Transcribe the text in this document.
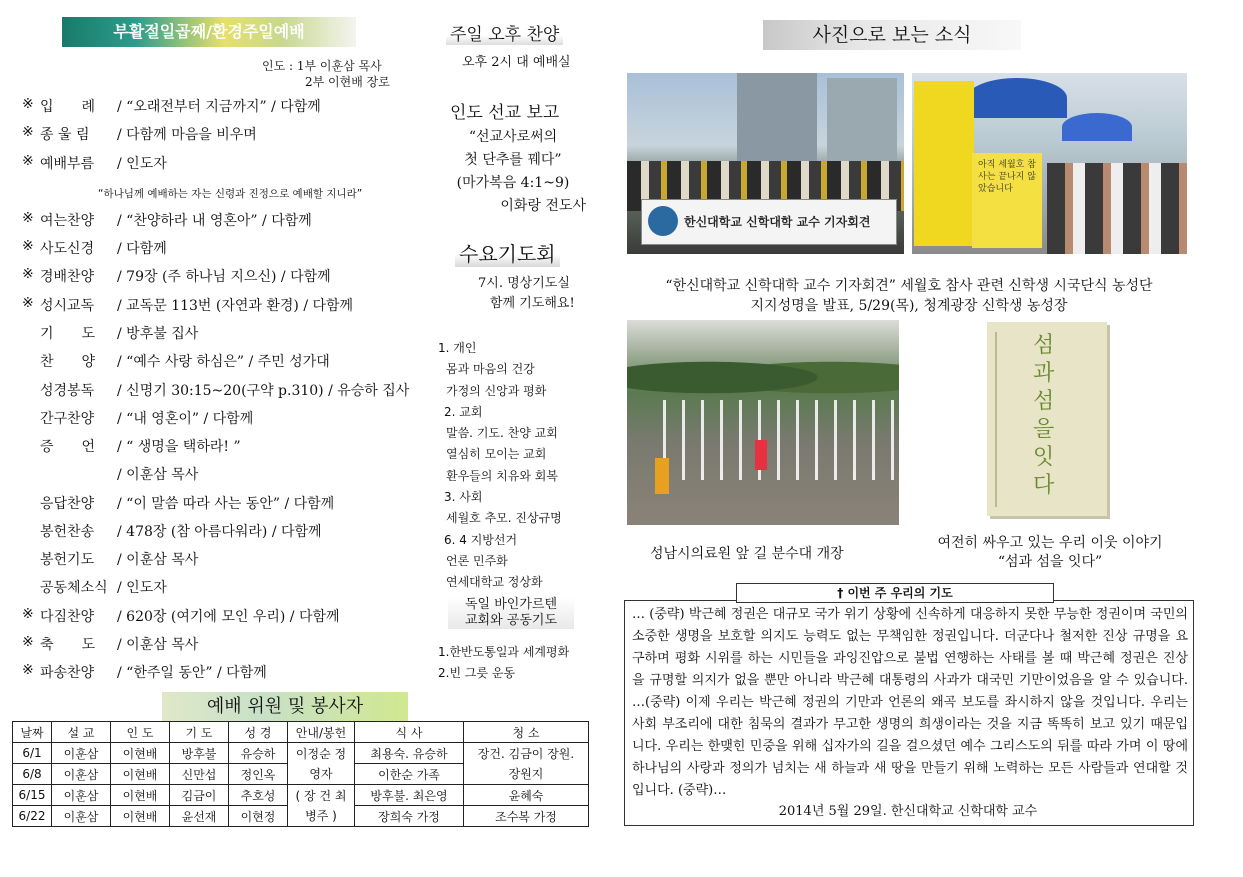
부활절일곱째/환경주일예배
인도 : 1부 이훈삼 목사
2부 이현배 장로
※ 입　　례 / “오래전부터 지금까지” / 다함께
※ 종 울 림 / 다함께 마음을 비우며
※ 예배부름 / 인도자
※ 여는찬양 / “찬양하라 내 영혼아” / 다함께
※ 사도신경 / 다함께
※ 경배찬양 / 79장 (주 하나님 지으신) / 다함께
※ 성시교독 / 교독문 113번 (자연과 환경) / 다함께
기　　도 / 방후불 집사
찬　　양 / “예수 사랑 하심은” / 주민 성가대
성경봉독 / 신명기 30:15~20(구약 p.310) / 유승하 집사
간구찬양 / “내 영혼이” / 다함께
증　　언 / “ 생명을 택하라! ”
/ 이훈삼 목사
응답찬양 / “이 말씀 따라 사는 동안” / 다함께
봉헌찬송 / 478장 (참 아름다워라) / 다함께
봉헌기도 / 이훈삼 목사
공동체소식 / 인도자
※ 다짐찬양 / 620장 (여기에 모인 우리) / 다함께
※ 축　　도 / 이훈삼 목사
※ 파송찬양 / “한주일 동안” / 다함께
“하나님께 예배하는 자는 신령과 진정으로 예배할 지니라”
예배 위원 및 봉사자
날짜	설 교	인 도	기 도	성 경	안내/봉헌	식 사	청 소
6/1	이훈삼	이현배	방후불	유승하	이정순 정영자	최용숙. 유승하	장건. 김금이 장원. 장원지
6/8	이훈삼	이현배	신만섭	정인옥		이한순 가족	
6/15	이훈삼	이현배	김금이	추호성	( 장 건 최병주 )	방후불. 최은영	윤혜숙
6/22	이훈삼	이현배	윤선재	이현정		장희숙 가정	조수복 가정
주일 오후 찬양
오후 2시 대 예배실
인도 선교 보고
“선교사로써의
첫 단추를 꿰다”
(마가복음 4:1~9)
이화랑 전도사
수요기도회
7시. 명상기도실
함께 기도해요!
1. 개인
몸과 마음의 건강
가정의 신앙과 평화
2. 교회
말씀. 기도. 찬양 교회
열심히 모이는 교회
환우들의 치유와 회복
3. 사회
세월호 추모. 진상규명
6. 4 지방선거
언론 민주화
연세대학교 정상화
독일 바인가르텐
교회와 공동기도
1.한반도통일과 세계평화
2.빈 그릇 운동
사진으로 보는 소식
한신대학교 신학대학 교수 기자회견
아직 세월호 참사는 끝나지 않았습니다
“한신대학교 신학대학 교수 기자회견” 세월호 참사 관련 신학생 시국단식 농성단
지지성명을 발표, 5/29(목), 청계광장 신학생 농성장
섬과 섬을 잇다
성남시의료원 앞 길 분수대 개장
여전히 싸우고 있는 우리 이웃 이야기
“섬과 섬을 잇다”
† 이번 주 우리의 기도
… (중략) 박근혜 정권은 대규모 국가 위기 상황에 신속하게 대응하지 못한 무능한 정권이며 국민의 소중한 생명을 보호할 의지도 능력도 없는 무책임한 정권입니다. 더군다나 철저한 진상 규명을 요구하며 평화 시위를 하는 시민들을 과잉진압으로 불법 연행하는 사태를 볼 때 박근혜 정권은 진상을 규명할 의지가 없을 뿐만 아니라 박근혜 대통령의 사과가 대국민 기만이었음을 알 수 있습니다. …(중략) 이제 우리는 박근혜 정권의 기만과 언론의 왜곡 보도를 좌시하지 않을 것입니다. 우리는 사회 부조리에 대한 침묵의 결과가 무고한 생명의 희생이라는 것을 지금 똑똑히 보고 있기 때문입니다. 우리는 한맺힌 민중을 위해 십자가의 길을 걸으셨던 예수 그리스도의 뒤를 따라 가며 이 땅에 하나님의 사랑과 정의가 넘치는 새 하늘과 새 땅을 만들기 위해 노력하는 모든 사람들과 연대할 것입니다. (중략)…
2014년 5월 29일. 한신대학교 신학대학 교수
